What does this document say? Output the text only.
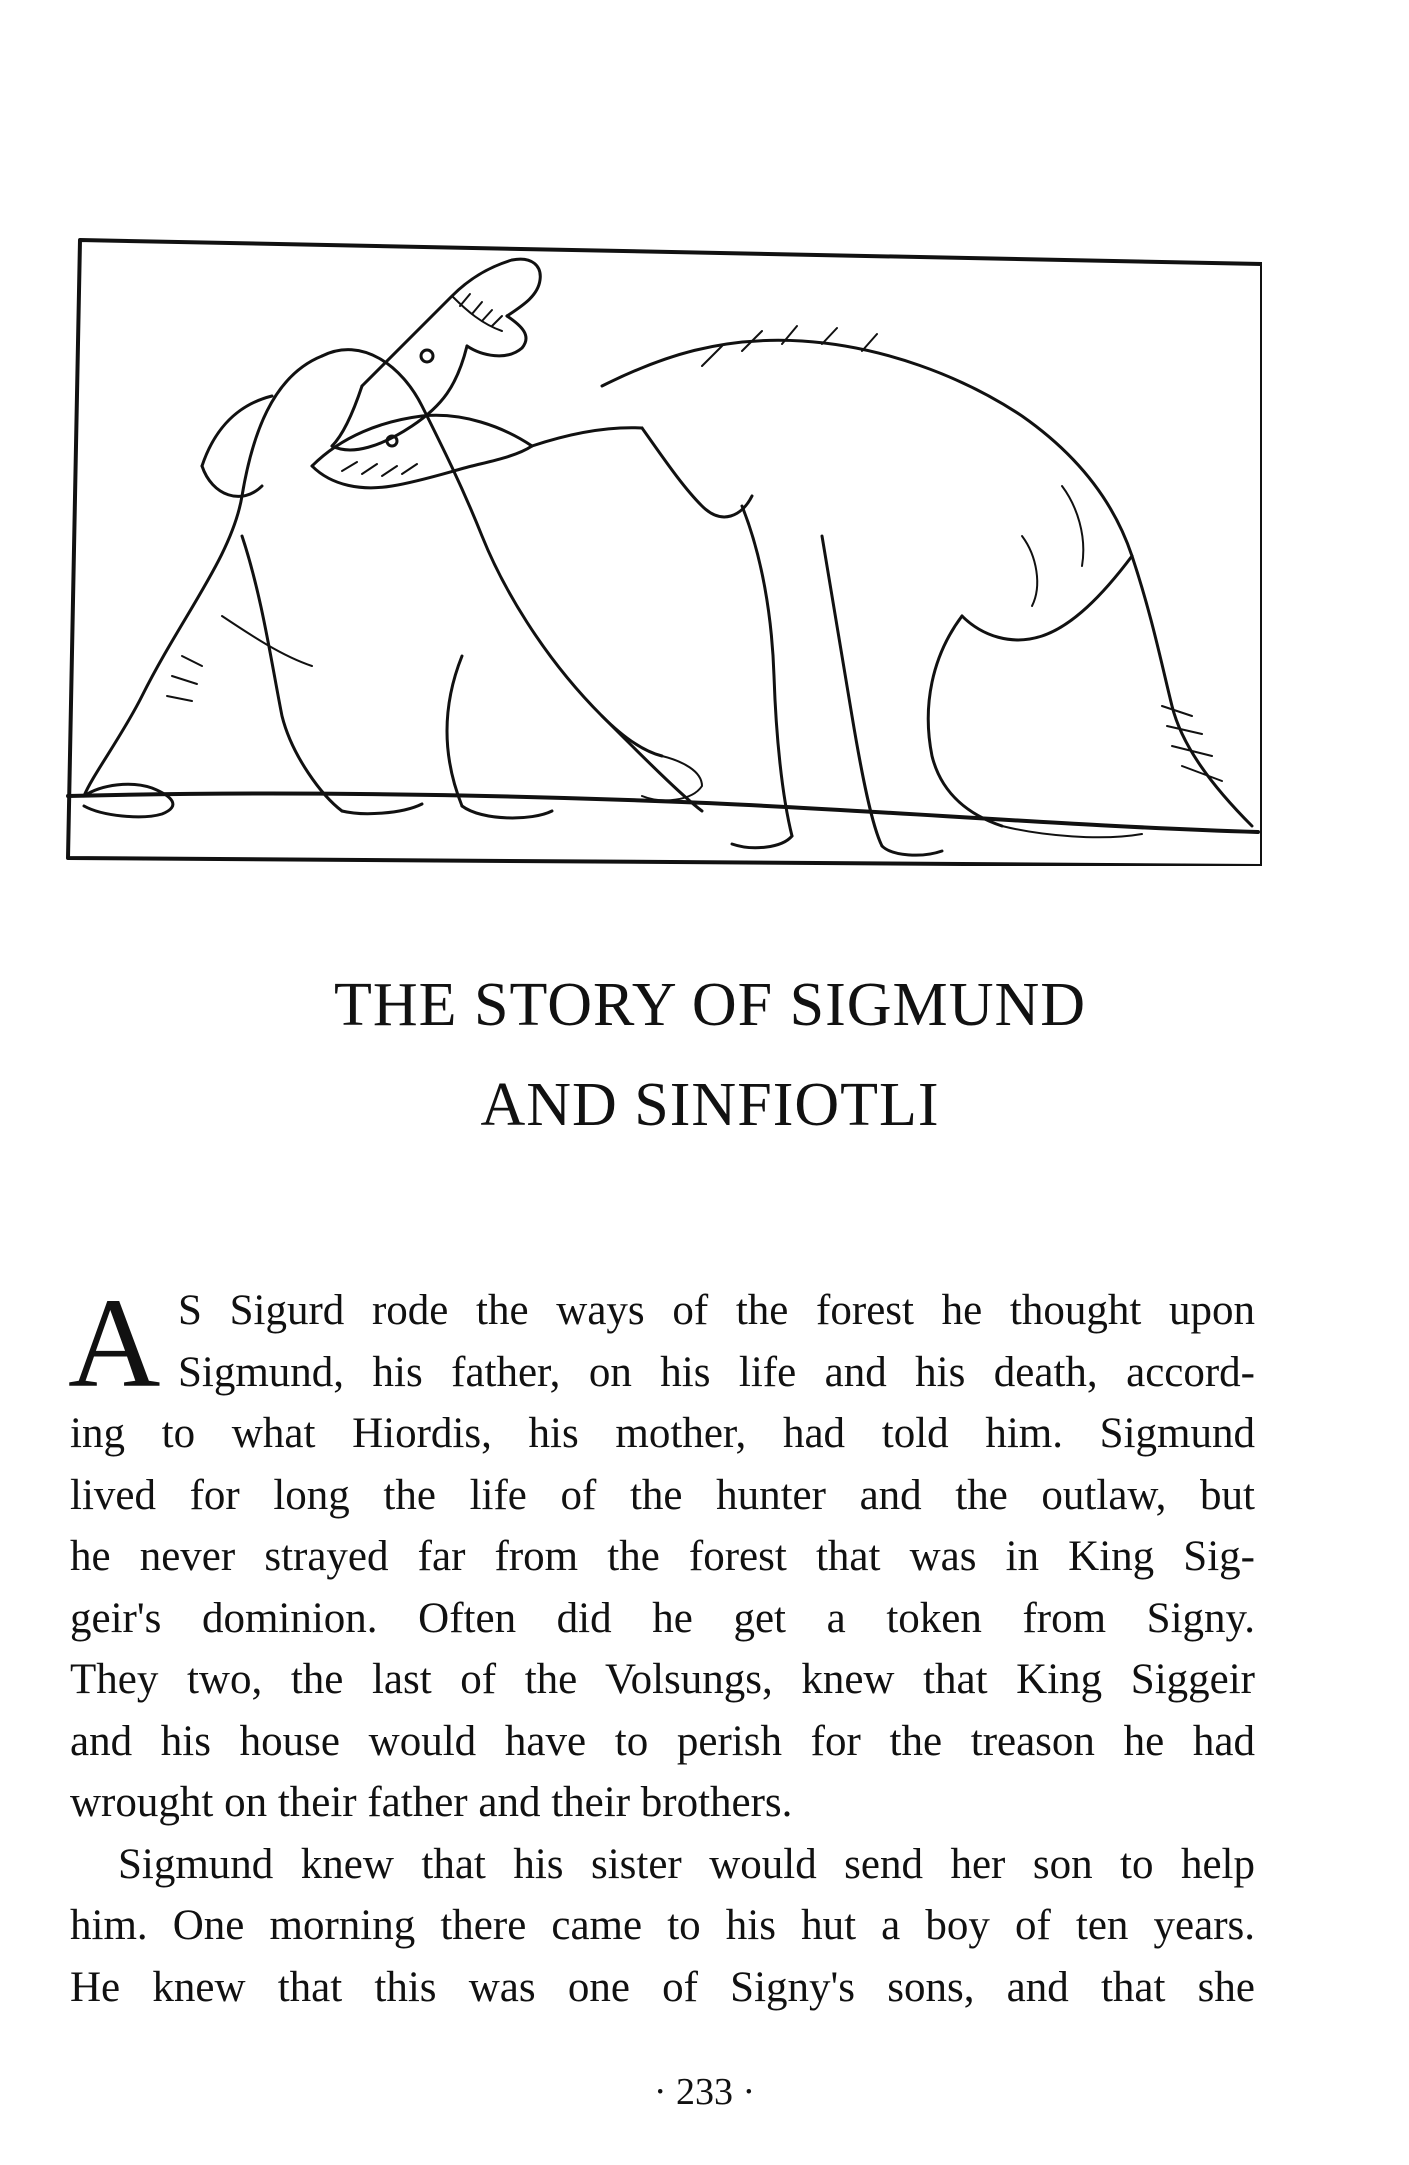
THE STORY OF SIGMUND
AND SINFIOTLI
A S Sigurd rode the ways of the forest he thought upon
Sigmund, his father, on his life and his death, accord-
ing to what Hiordis, his mother, had told him. Sigmund
lived for long the life of the hunter and the outlaw, but
he never strayed far from the forest that was in King Sig-
geir's dominion. Often did he get a token from Signy.
They two, the last of the Volsungs, knew that King Siggeir
and his house would have to perish for the treason he had
wrought on their father and their brothers.
Sigmund knew that his sister would send her son to help
him. One morning there came to his hut a boy of ten years.
He knew that this was one of Signy's sons, and that she
· 233 ·
